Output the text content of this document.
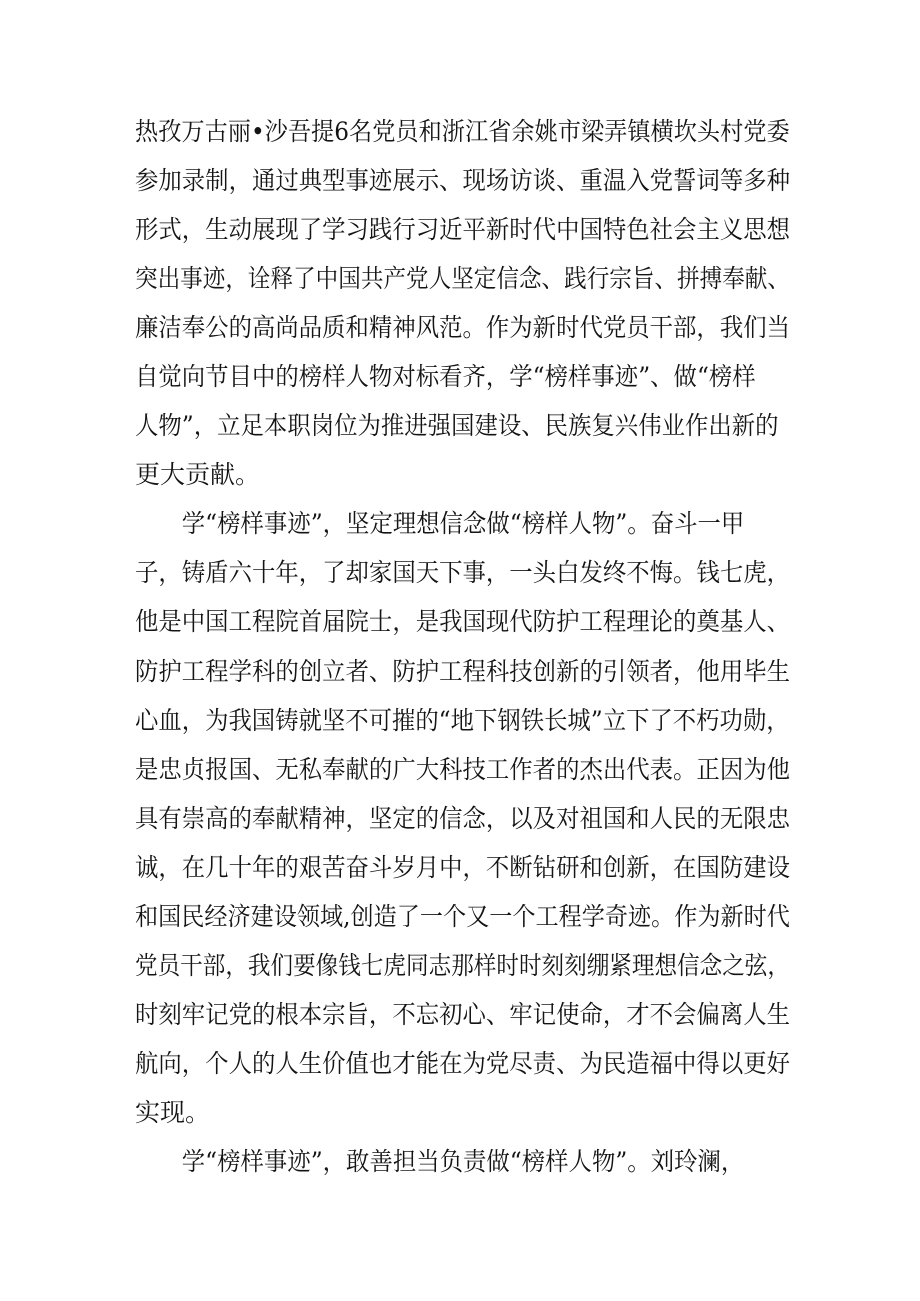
热孜万古丽•沙吾提6名党员和浙江省余姚市梁弄镇横坎头村党委
参加录制，通过典型事迹展示、现场访谈、重温入党誓词等多种
形式，生动展现了学习践行习近平新时代中国特色社会主义思想
突出事迹，诠释了中国共产党人坚定信念、践行宗旨、拼搏奉献、
廉洁奉公的高尚品质和精神风范。作为新时代党员干部，我们当
自觉向节目中的榜样人物对标看齐，学“榜样事迹”、做“榜样
人物”，立足本职岗位为推进强国建设、民族复兴伟业作出新的
更大贡献。
　　学“榜样事迹”，坚定理想信念做“榜样人物”。奋斗一甲
子，铸盾六十年，了却家国天下事，一头白发终不悔。钱七虎，
他是中国工程院首届院士，是我国现代防护工程理论的奠基人、
防护工程学科的创立者、防护工程科技创新的引领者，他用毕生
心血，为我国铸就坚不可摧的“地下钢铁长城”立下了不朽功勋，
是忠贞报国、无私奉献的广大科技工作者的杰出代表。正因为他
具有崇高的奉献精神，坚定的信念，以及对祖国和人民的无限忠
诚，在几十年的艰苦奋斗岁月中，不断钻研和创新，在国防建设
和国民经济建设领域,创造了一个又一个工程学奇迹。作为新时代
党员干部，我们要像钱七虎同志那样时时刻刻绷紧理想信念之弦，
时刻牢记党的根本宗旨，不忘初心、牢记使命，才不会偏离人生
航向，个人的人生价值也才能在为党尽责、为民造福中得以更好
实现。
　　学“榜样事迹”，敢善担当负责做“榜样人物”。刘玲澜，
